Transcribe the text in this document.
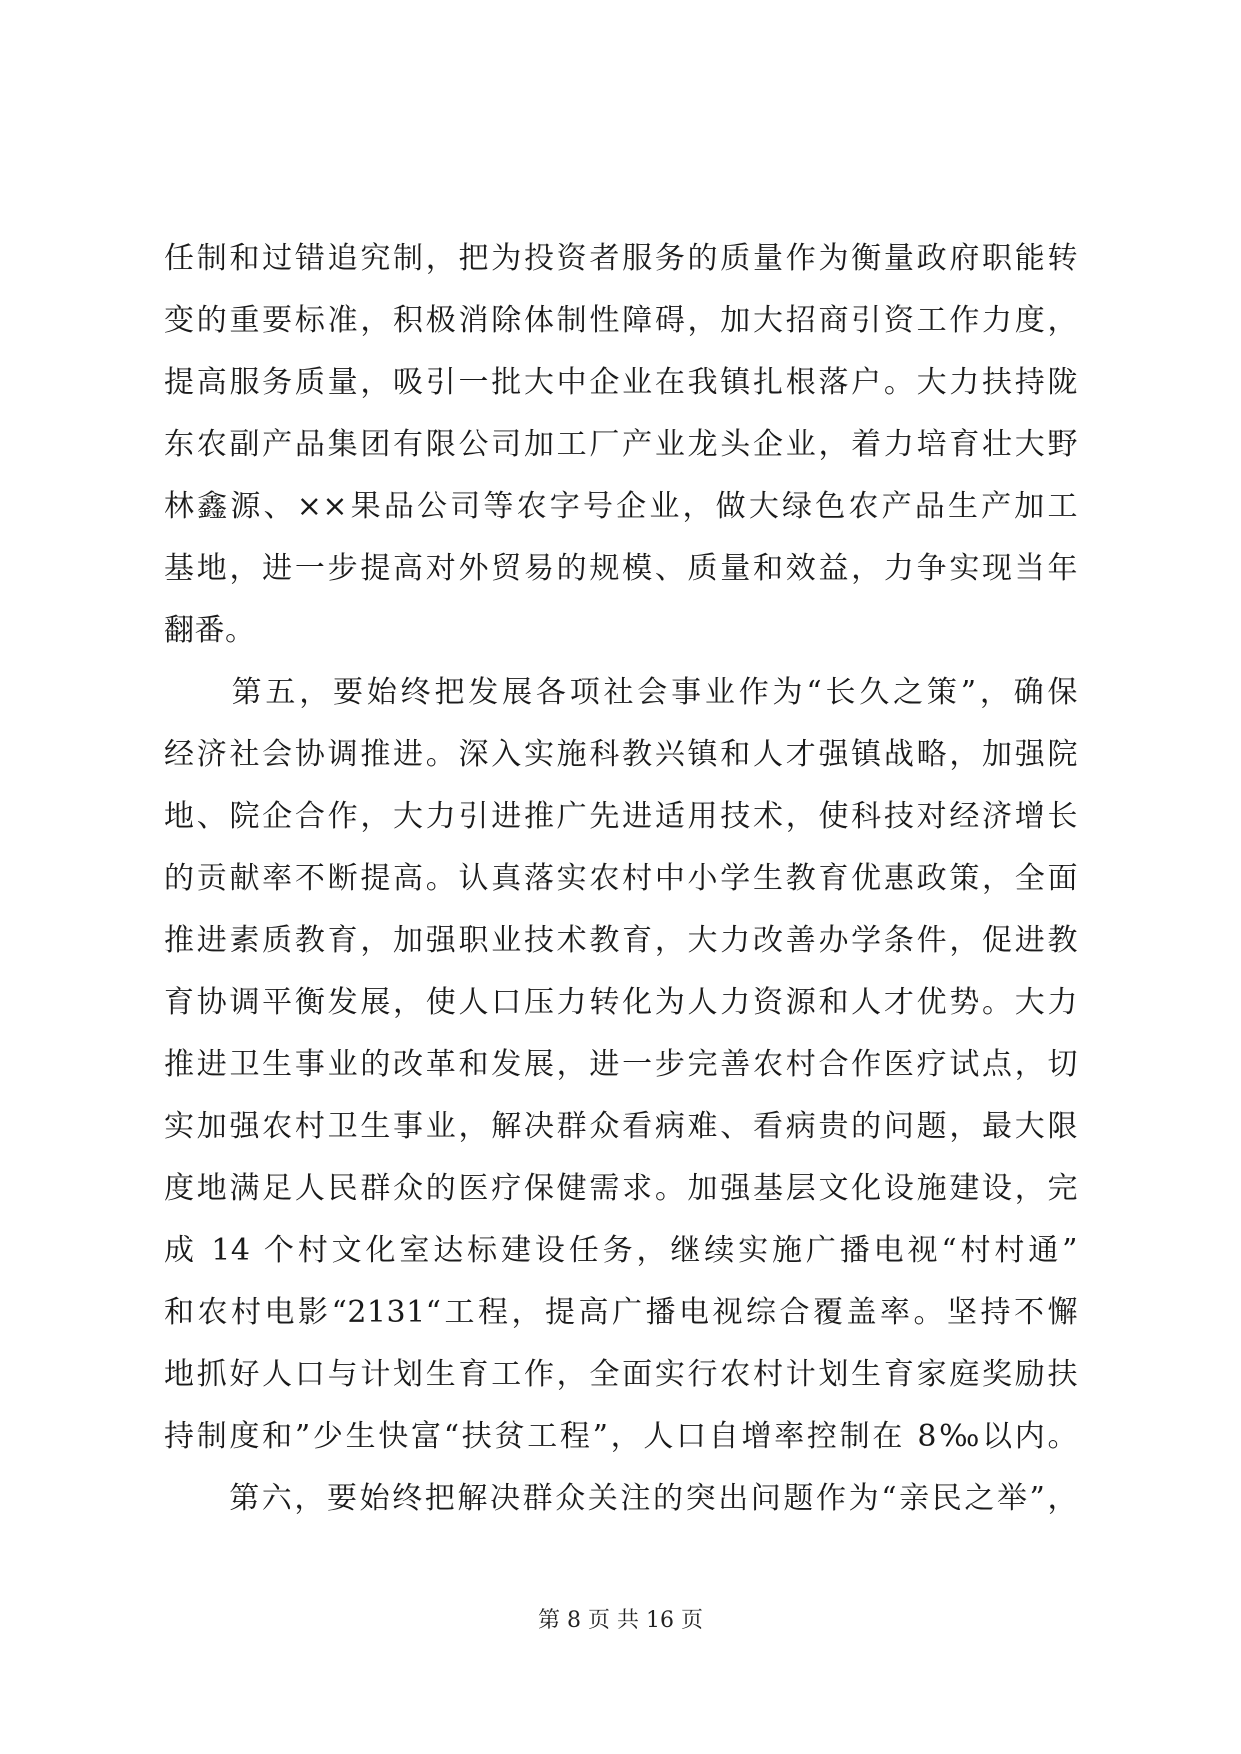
任制和过错追究制，把为投资者服务的质量作为衡量政府职能转
变的重要标准，积极消除体制性障碍，加大招商引资工作力度，
提高服务质量，吸引一批大中企业在我镇扎根落户。大力扶持陇
东农副产品集团有限公司加工厂产业龙头企业，着力培育壮大野
林鑫源、××果品公司等农字号企业，做大绿色农产品生产加工
基地，进一步提高对外贸易的规模、质量和效益，力争实现当年
翻番。
　　第五，要始终把发展各项社会事业作为“长久之策”，确保
经济社会协调推进。深入实施科教兴镇和人才强镇战略，加强院
地、院企合作，大力引进推广先进适用技术，使科技对经济增长
的贡献率不断提高。认真落实农村中小学生教育优惠政策，全面
推进素质教育，加强职业技术教育，大力改善办学条件，促进教
育协调平衡发展，使人口压力转化为人力资源和人才优势。大力
推进卫生事业的改革和发展，进一步完善农村合作医疗试点，切
实加强农村卫生事业，解决群众看病难、看病贵的问题，最大限
度地满足人民群众的医疗保健需求。加强基层文化设施建设，完
成 14 个村文化室达标建设任务，继续实施广播电视“村村通”
和农村电影“2131“工程，提高广播电视综合覆盖率。坚持不懈
地抓好人口与计划生育工作，全面实行农村计划生育家庭奖励扶
持制度和”少生快富“扶贫工程”，人口自增率控制在 8‰以内。
　　第六，要始终把解决群众关注的突出问题作为“亲民之举”，
第 8 页 共 16 页
